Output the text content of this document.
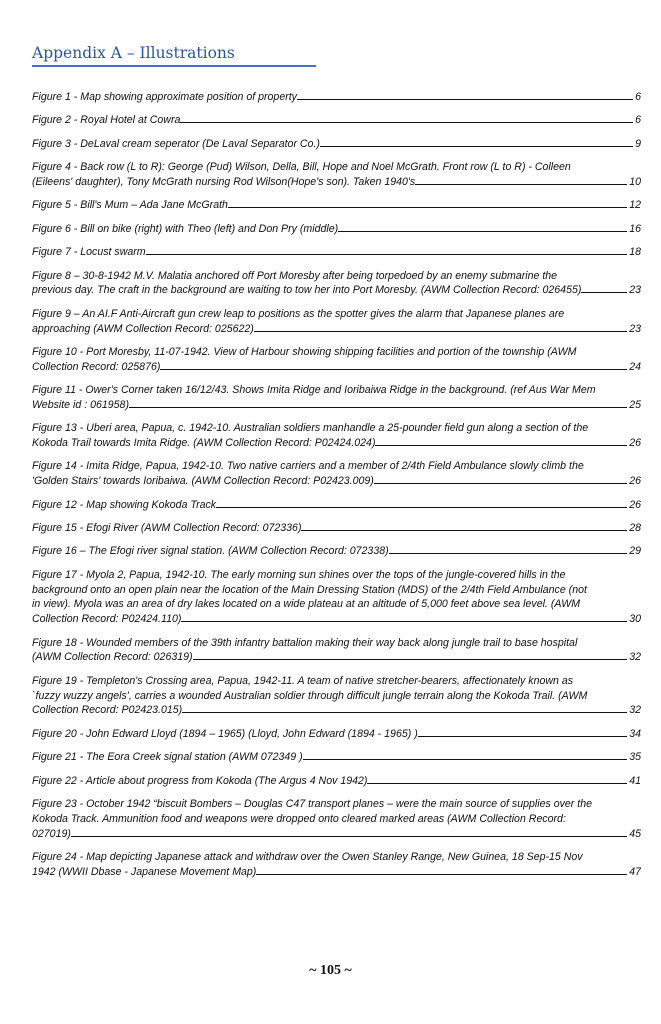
Appendix A – Illustrations
Figure 1 - Map showing approximate position of property	6
Figure 2 - Royal Hotel at Cowra	6
Figure 3 - DeLaval cream seperator (De Laval Separator Co.)	9
Figure 4 - Back row (L to R): George (Pud) Wilson, Della, Bill, Hope and Noel McGrath. Front row (L to R) - Colleen (Eileens' daughter), Tony McGrath nursing Rod Wilson(Hope's son). Taken 1940's	10
Figure 5 - Bill's Mum – Ada Jane McGrath	12
Figure 6 - Bill on bike (right) with Theo (left) and Don Pry (middle)	16
Figure 7 - Locust swarm	18
Figure 8 – 30-8-1942 M.V. Malatia anchored off Port Moresby after being torpedoed by an enemy submarine the previous day. The craft in the background are waiting to tow her into Port Moresby. (AWM Collection Record: 026455)	23
Figure 9 – An AI.F Anti-Aircraft gun crew leap to positions as the spotter gives the alarm that Japanese planes are approaching (AWM Collection Record: 025622)	23
Figure 10 - Port Moresby, 11-07-1942. View of Harbour showing shipping facilities and portion of the township (AWM Collection Record: 025876)	24
Figure 11 - Ower's Corner taken 16/12/43. Shows Imita Ridge and Ioribaiwa Ridge in the background. (ref Aus War Mem Website id : 061958)	25
Figure 13 - Uberi area, Papua, c. 1942-10. Australian soldiers manhandle a 25-pounder field gun along a section of the Kokoda Trail towards Imita Ridge. (AWM Collection Record: P02424.024)	26
Figure 14 - Imita Ridge, Papua, 1942-10. Two native carriers and a member of 2/4th Field Ambulance slowly climb the 'Golden Stairs' towards Ioribaiwa. (AWM Collection Record: P02423.009)	26
Figure 12 - Map showing Kokoda Track	26
Figure 15 - Efogi River (AWM Collection Record: 072336)	28
Figure 16 – The Efogi river signal station. (AWM Collection Record: 072338)	29
Figure 17 - Myola 2, Papua, 1942-10. The early morning sun shines over the tops of the jungle-covered hills in the background onto an open plain near the location of the Main Dressing Station (MDS) of the 2/4th Field Ambulance (not in view). Myola was an area of dry lakes located on a wide plateau at an altitude of 5,000 feet above sea level. (AWM Collection Record: P02424.110)	30
Figure 18 - Wounded members of the 39th infantry battalion making their way back along jungle trail to base hospital (AWM Collection Record: 026319)	32
Figure 19 - Templeton's Crossing area, Papua, 1942-11. A team of native stretcher-bearers, affectionately known as `fuzzy wuzzy angels', carries a wounded Australian soldier through difficult jungle terrain along the Kokoda Trail. (AWM Collection Record: P02423.015)	32
Figure 20 - John Edward Lloyd (1894 – 1965) (Lloyd, John Edward (1894 - 1965) )	34
Figure 21 - The Eora Creek signal station (AWM 072349 )	35
Figure 22 - Article about progress from Kokoda (The Argus 4 Nov 1942)	41
Figure 23 - October 1942 “biscuit Bombers – Douglas C47 transport planes – were the main source of supplies over the Kokoda Track. Ammunition food and weapons were dropped onto cleared marked areas (AWM Collection Record: 027019)	45
Figure 24 - Map depicting Japanese attack and withdraw over the Owen Stanley Range, New Guinea, 18 Sep-15 Nov 1942 (WWII Dbase - Japanese Movement Map)	47
~ 105 ~
